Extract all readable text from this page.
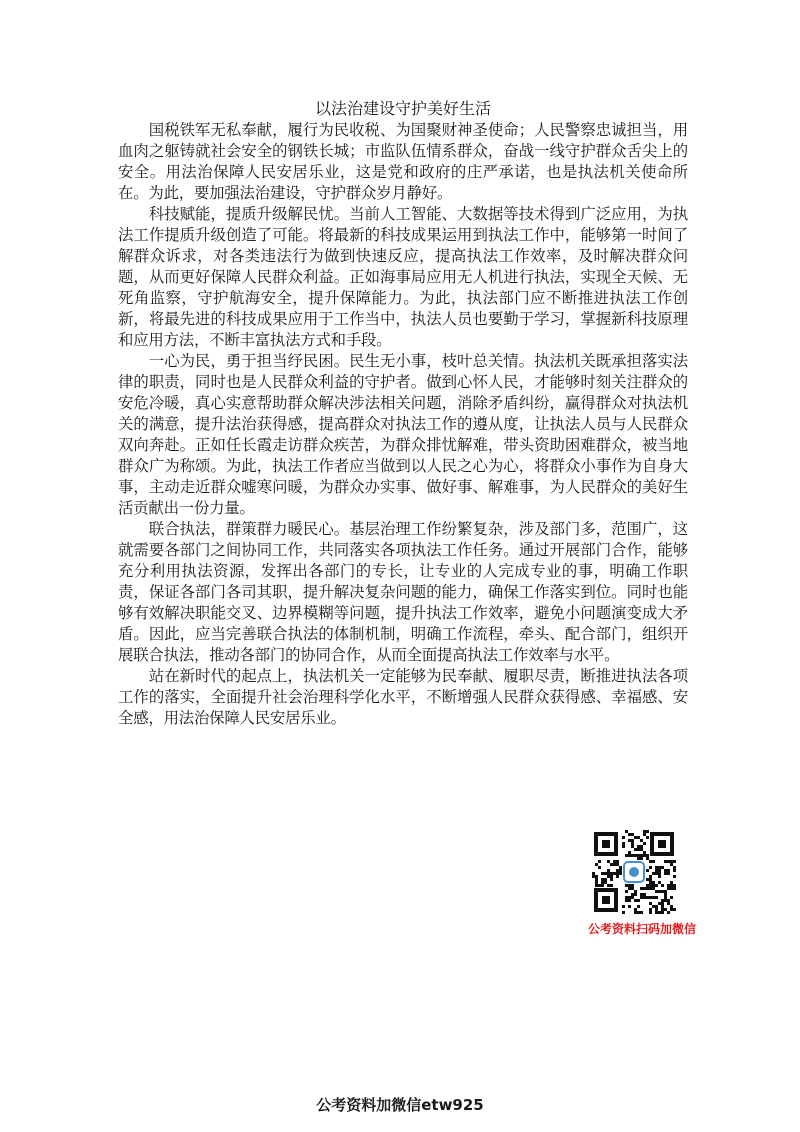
以法治建设守护美好生活

国税铁军无私奉献，履行为民收税、为国聚财神圣使命；人民警察忠诚担当，用血肉之躯铸就社会安全的钢铁长城；市监队伍情系群众，奋战一线守护群众舌尖上的安全。用法治保障人民安居乐业，这是党和政府的庄严承诺，也是执法机关使命所在。为此，要加强法治建设，守护群众岁月静好。

科技赋能，提质升级解民忧。当前人工智能、大数据等技术得到广泛应用，为执法工作提质升级创造了可能。将最新的科技成果运用到执法工作中，能够第一时间了解群众诉求，对各类违法行为做到快速反应，提高执法工作效率，及时解决群众问题，从而更好保障人民群众利益。正如海事局应用无人机进行执法，实现全天候、无死角监察，守护航海安全，提升保障能力。为此，执法部门应不断推进执法工作创新，将最先进的科技成果应用于工作当中，执法人员也要勤于学习，掌握新科技原理和应用方法，不断丰富执法方式和手段。

一心为民，勇于担当纾民困。民生无小事，枝叶总关情。执法机关既承担落实法律的职责，同时也是人民群众利益的守护者。做到心怀人民，才能够时刻关注群众的安危冷暖，真心实意帮助群众解决涉法相关问题，消除矛盾纠纷，赢得群众对执法机关的满意，提升法治获得感，提高群众对执法工作的遵从度，让执法人员与人民群众双向奔赴。正如任长霞走访群众疾苦，为群众排忧解难，带头资助困难群众，被当地群众广为称颂。为此，执法工作者应当做到以人民之心为心，将群众小事作为自身大事，主动走近群众嘘寒问暖，为群众办实事、做好事、解难事，为人民群众的美好生活贡献出一份力量。

联合执法，群策群力暖民心。基层治理工作纷繁复杂，涉及部门多，范围广，这就需要各部门之间协同工作，共同落实各项执法工作任务。通过开展部门合作，能够充分利用执法资源，发挥出各部门的专长，让专业的人完成专业的事，明确工作职责，保证各部门各司其职，提升解决复杂问题的能力，确保工作落实到位。同时也能够有效解决职能交叉、边界模糊等问题，提升执法工作效率，避免小问题演变成大矛盾。因此，应当完善联合执法的体制机制，明确工作流程，牵头、配合部门，组织开展联合执法，推动各部门的协同合作，从而全面提高执法工作效率与水平。

站在新时代的起点上，执法机关一定能够为民奉献、履职尽责，断推进执法各项工作的落实，全面提升社会治理科学化水平，不断增强人民群众获得感、幸福感、安全感，用法治保障人民安居乐业。

公考资料扫码加微信
公考资料加微信etw925
